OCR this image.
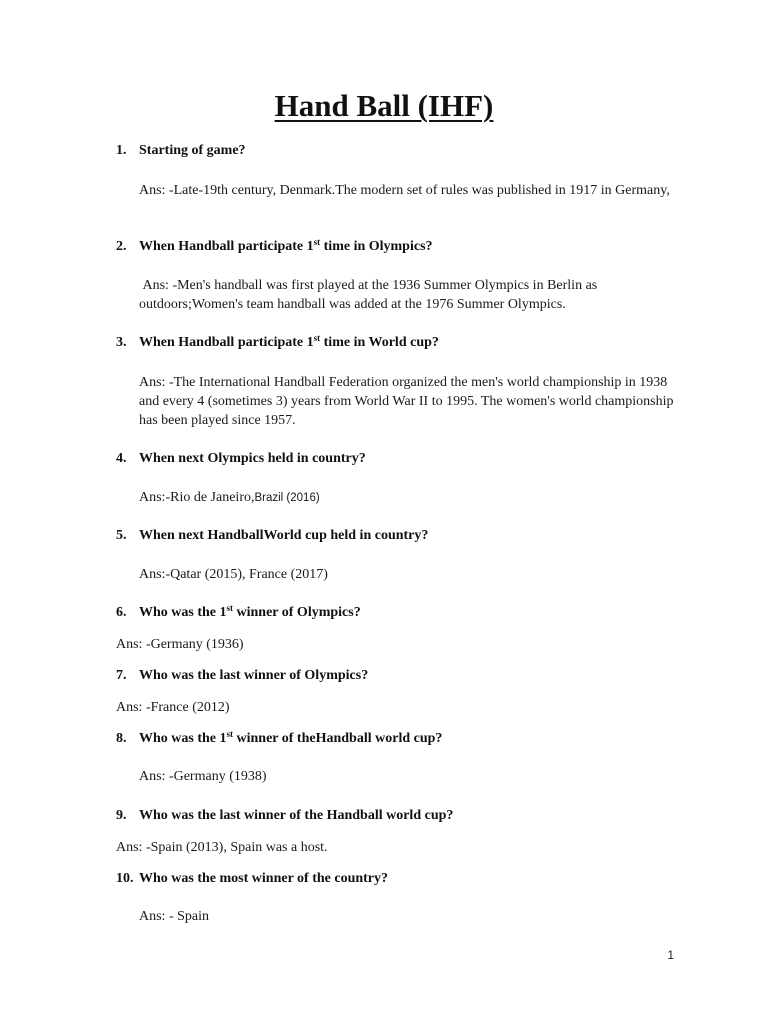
Hand Ball (IHF)
1. Starting of game?
Ans: -Late-19th century, Denmark.The modern set of rules was published in 1917 in Germany,
2. When Handball participate 1st time in Olympics?
Ans: -Men's handball was first played at the 1936 Summer Olympics in Berlin as outdoors;Women's team handball was added at the 1976 Summer Olympics.
3. When Handball participate 1st time in World cup?
Ans: -The International Handball Federation organized the men's world championship in 1938 and every 4 (sometimes 3) years from World War II to 1995. The women's world championship has been played since 1957.
4. When next Olympics held in country?
Ans:-Rio de Janeiro,Brazil (2016)
5. When next HandballWorld cup held in country?
Ans:-Qatar (2015), France (2017)
6. Who was the 1st winner of Olympics?
Ans: -Germany (1936)
7. Who was the last winner of Olympics?
Ans: -France (2012)
8. Who was the 1st winner of theHandball world cup?
Ans: -Germany (1938)
9. Who was the last winner of the Handball world cup?
Ans: -Spain (2013), Spain was a host.
10. Who was the most winner of the country?
Ans: - Spain
1
